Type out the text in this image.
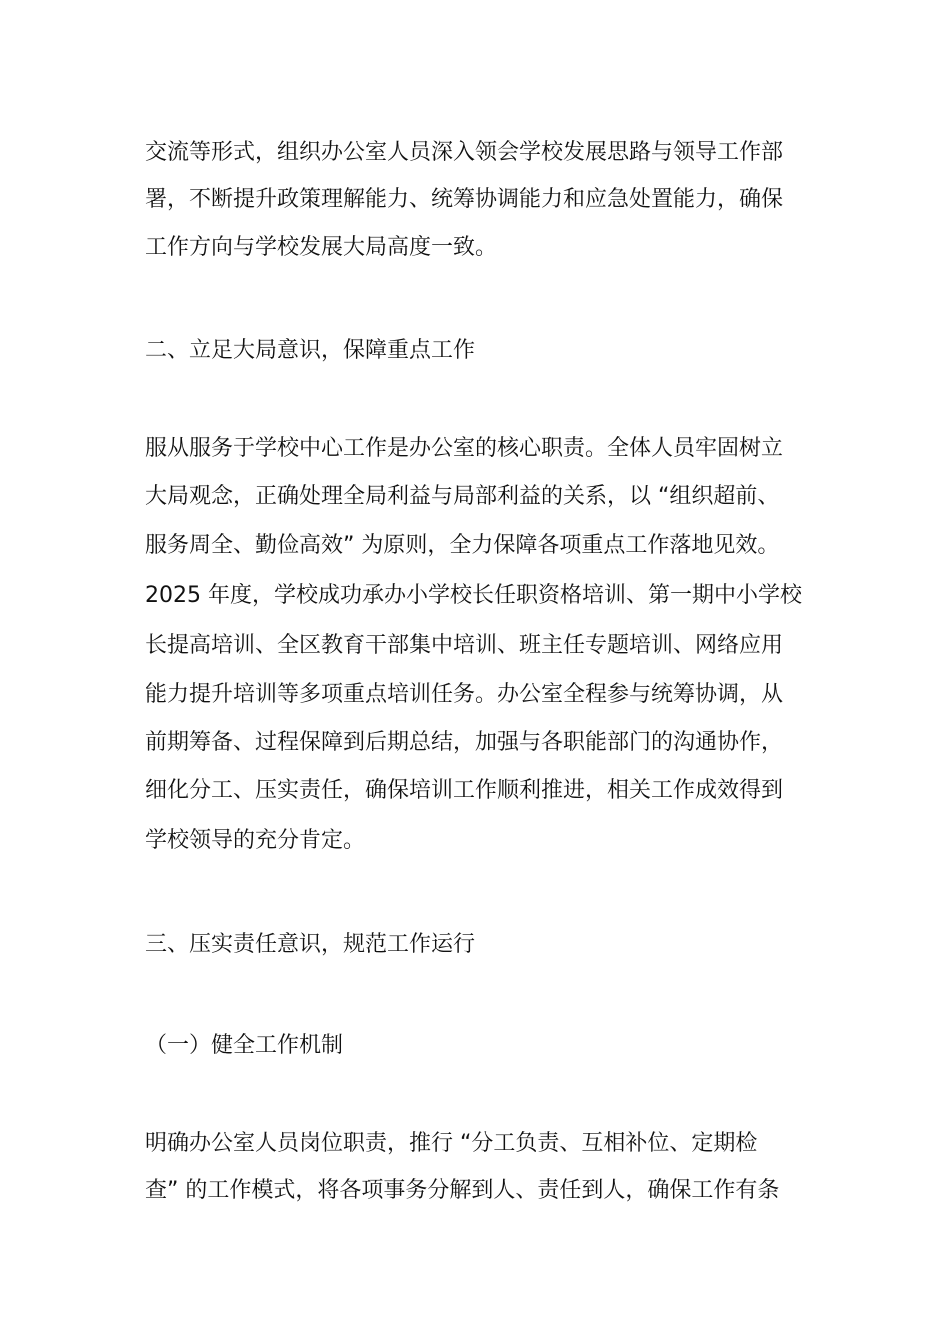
交流等形式，组织办公室人员深入领会学校发展思路与领导工作部
署，不断提升政策理解能力、统筹协调能力和应急处置能力，确保
工作方向与学校发展大局高度一致。
二、立足大局意识，保障重点工作
服从服务于学校中心工作是办公室的核心职责。全体人员牢固树立
大局观念，正确处理全局利益与局部利益的关系，以 “组织超前、
服务周全、勤俭高效” 为原则，全力保障各项重点工作落地见效。
2025 年度，学校成功承办小学校长任职资格培训、第一期中小学校
长提高培训、全区教育干部集中培训、班主任专题培训、网络应用
能力提升培训等多项重点培训任务。办公室全程参与统筹协调，从
前期筹备、过程保障到后期总结，加强与各职能部门的沟通协作，
细化分工、压实责任，确保培训工作顺利推进，相关工作成效得到
学校领导的充分肯定。
三、压实责任意识，规范工作运行
（一）健全工作机制
明确办公室人员岗位职责，推行 “分工负责、互相补位、定期检
查” 的工作模式，将各项事务分解到人、责任到人，确保工作有条
